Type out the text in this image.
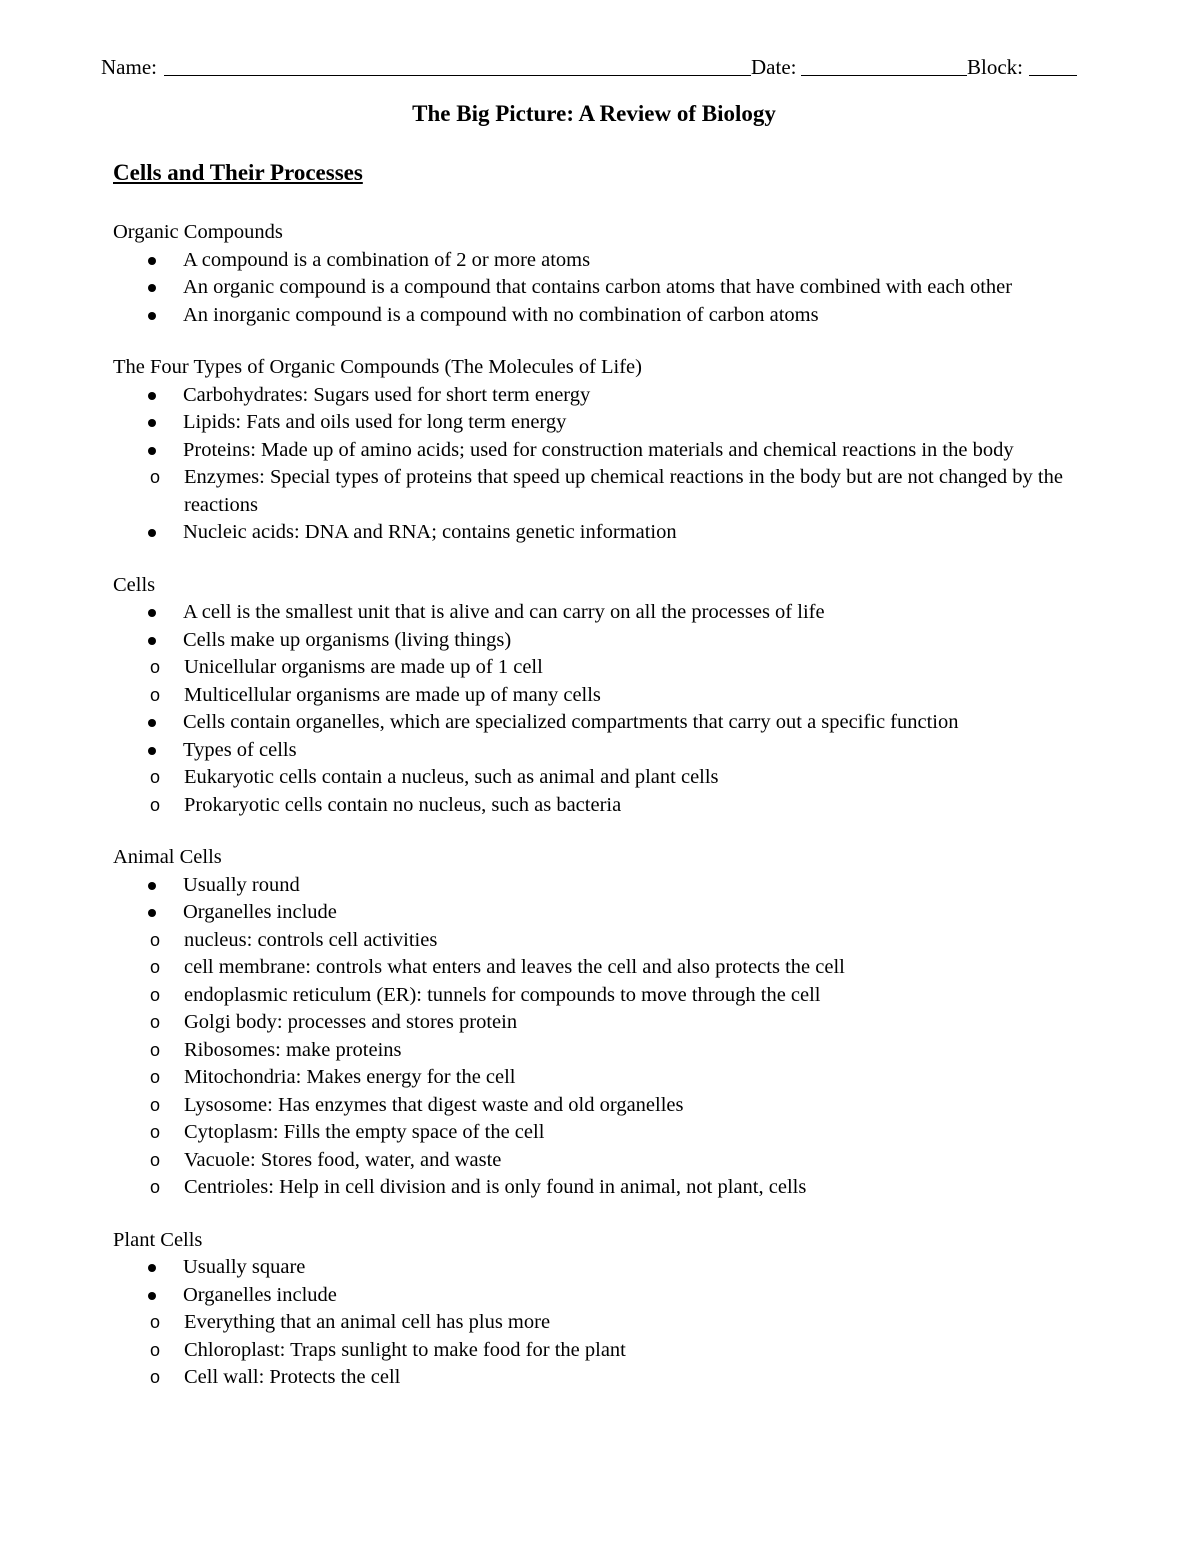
Name:	Date:	Block:
The Big Picture: A Review of Biology
Cells and Their Processes
Organic Compounds
A compound is a combination of 2 or more atoms
An organic compound is a compound that contains carbon atoms that have combined with each other
An inorganic compound is a compound with no combination of carbon atoms
The Four Types of Organic Compounds (The Molecules of Life)
Carbohydrates: Sugars used for short term energy
Lipids: Fats and oils used for long term energy
Proteins: Made up of amino acids; used for construction materials and chemical reactions in the body
o Enzymes: Special types of proteins that speed up chemical reactions in the body but are not changed by the reactions
Nucleic acids: DNA and RNA; contains genetic information
Cells
A cell is the smallest unit that is alive and can carry on all the processes of life
Cells make up organisms (living things)
o Unicellular organisms are made up of 1 cell
o Multicellular organisms are made up of many cells
Cells contain organelles, which are specialized compartments that carry out a specific function
Types of cells
o Eukaryotic cells contain a nucleus, such as animal and plant cells
o Prokaryotic cells contain no nucleus, such as bacteria
Animal Cells
Usually round
Organelles include
o nucleus: controls cell activities
o cell membrane: controls what enters and leaves the cell and also protects the cell
o endoplasmic reticulum (ER): tunnels for compounds to move through the cell
o Golgi body: processes and stores protein
o Ribosomes: make proteins
o Mitochondria: Makes energy for the cell
o Lysosome: Has enzymes that digest waste and old organelles
o Cytoplasm: Fills the empty space of the cell
o Vacuole: Stores food, water, and waste
o Centrioles: Help in cell division and is only found in animal, not plant, cells
Plant Cells
Usually square
Organelles include
o Everything that an animal cell has plus more
o Chloroplast: Traps sunlight to make food for the plant
o Cell wall: Protects the cell
